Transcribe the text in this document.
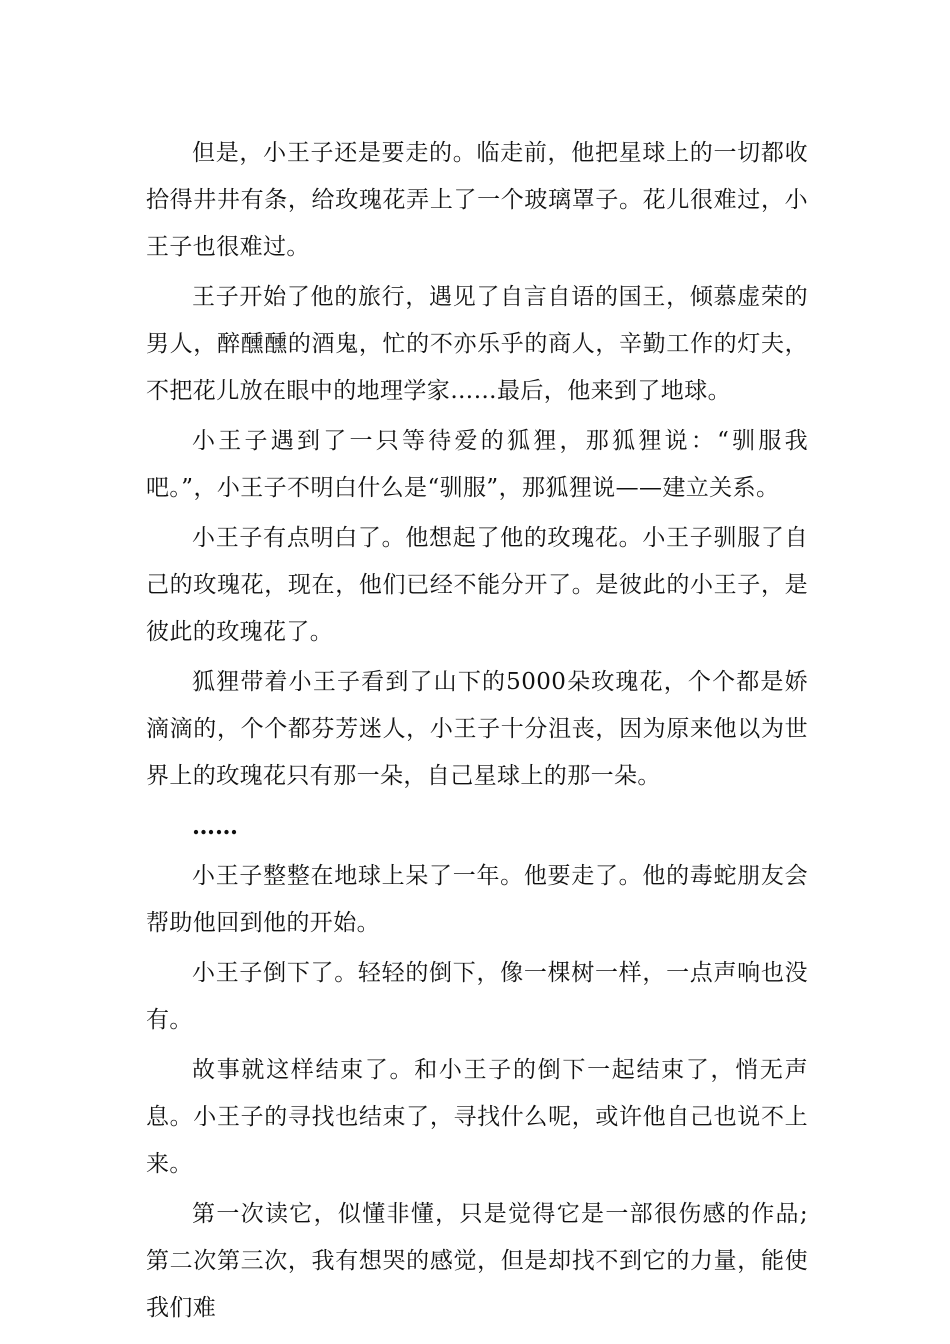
但是，小王子还是要走的。临走前，他把星球上的一切都收拾得井井有条，给玫瑰花弄上了一个玻璃罩子。花儿很难过，小王子也很难过。

王子开始了他的旅行，遇见了自言自语的国王，倾慕虚荣的男人，醉醺醺的酒鬼，忙的不亦乐乎的商人，辛勤工作的灯夫，不把花儿放在眼中的地理学家……最后，他来到了地球。

小王子遇到了一只等待爱的狐狸，那狐狸说：“驯服我吧。”，小王子不明白什么是“驯服”，那狐狸说——建立关系。

小王子有点明白了。他想起了他的玫瑰花。小王子驯服了自己的玫瑰花，现在，他们已经不能分开了。是彼此的小王子，是彼此的玫瑰花了。

狐狸带着小王子看到了山下的5000朵玫瑰花，个个都是娇滴滴的，个个都芬芳迷人，小王子十分沮丧，因为原来他以为世界上的玫瑰花只有那一朵，自己星球上的那一朵。

……

小王子整整在地球上呆了一年。他要走了。他的毒蛇朋友会帮助他回到他的开始。

小王子倒下了。轻轻的倒下，像一棵树一样，一点声响也没有。

故事就这样结束了。和小王子的倒下一起结束了，悄无声息。小王子的寻找也结束了，寻找什么呢，或许他自己也说不上来。

第一次读它，似懂非懂，只是觉得它是一部很伤感的作品;第二次第三次，我有想哭的感觉，但是却找不到它的力量，能使我们难
